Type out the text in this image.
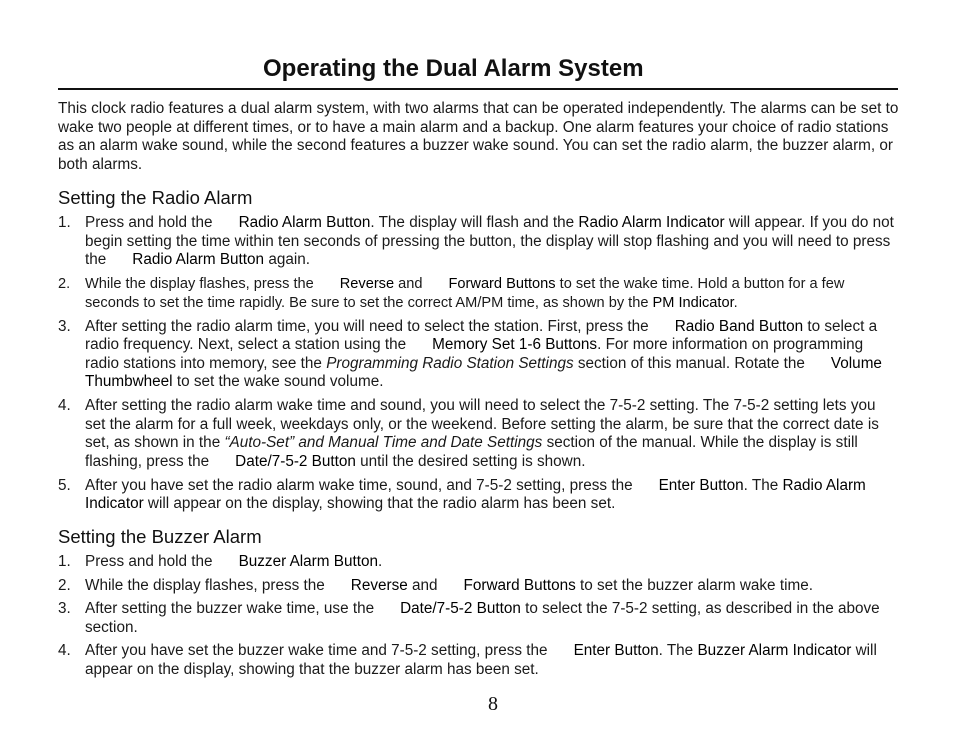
Operating the Dual Alarm System

This clock radio features a dual alarm system, with two alarms that can be operated independently. The alarms can be set to wake two people at different times, or to have a main alarm and a backup. One alarm features your choice of radio stations as an alarm wake sound, while the second features a buzzer wake sound. You can set the radio alarm, the buzzer alarm, or both alarms.

Setting the Radio Alarm
1. Press and hold the Radio Alarm Button. The display will flash and the Radio Alarm Indicator will appear. If you do not begin setting the time within ten seconds of pressing the button, the display will stop flashing and you will need to press the Radio Alarm Button again.
2. While the display flashes, press the Reverse and Forward Buttons to set the wake time. Hold a button for a few seconds to set the time rapidly. Be sure to set the correct AM/PM time, as shown by the PM Indicator.
3. After setting the radio alarm time, you will need to select the station. First, press the Radio Band Button to select a radio frequency. Next, select a station using the Memory Set 1-6 Buttons. For more information on programming radio stations into memory, see the Programming Radio Station Settings section of this manual. Rotate the Volume Thumbwheel to set the wake sound volume.
4. After setting the radio alarm wake time and sound, you will need to select the 7-5-2 setting. The 7-5-2 setting lets you set the alarm for a full week, weekdays only, or the weekend. Before setting the alarm, be sure that the correct date is set, as shown in the “Auto-Set” and Manual Time and Date Settings section of the manual. While the display is still flashing, press the Date/7-5-2 Button until the desired setting is shown.
5. After you have set the radio alarm wake time, sound, and 7-5-2 setting, press the Enter Button. The Radio Alarm Indicator will appear on the display, showing that the radio alarm has been set.
Setting the Buzzer Alarm
1. Press and hold the Buzzer Alarm Button.
2. While the display flashes, press the Reverse and Forward Buttons to set the buzzer alarm wake time.
3. After setting the buzzer wake time, use the Date/7-5-2 Button to select the 7-5-2 setting, as described in the above section.
4. After you have set the buzzer wake time and 7-5-2 setting, press the Enter Button. The Buzzer Alarm Indicator will appear on the display, showing that the buzzer alarm has been set.
8
